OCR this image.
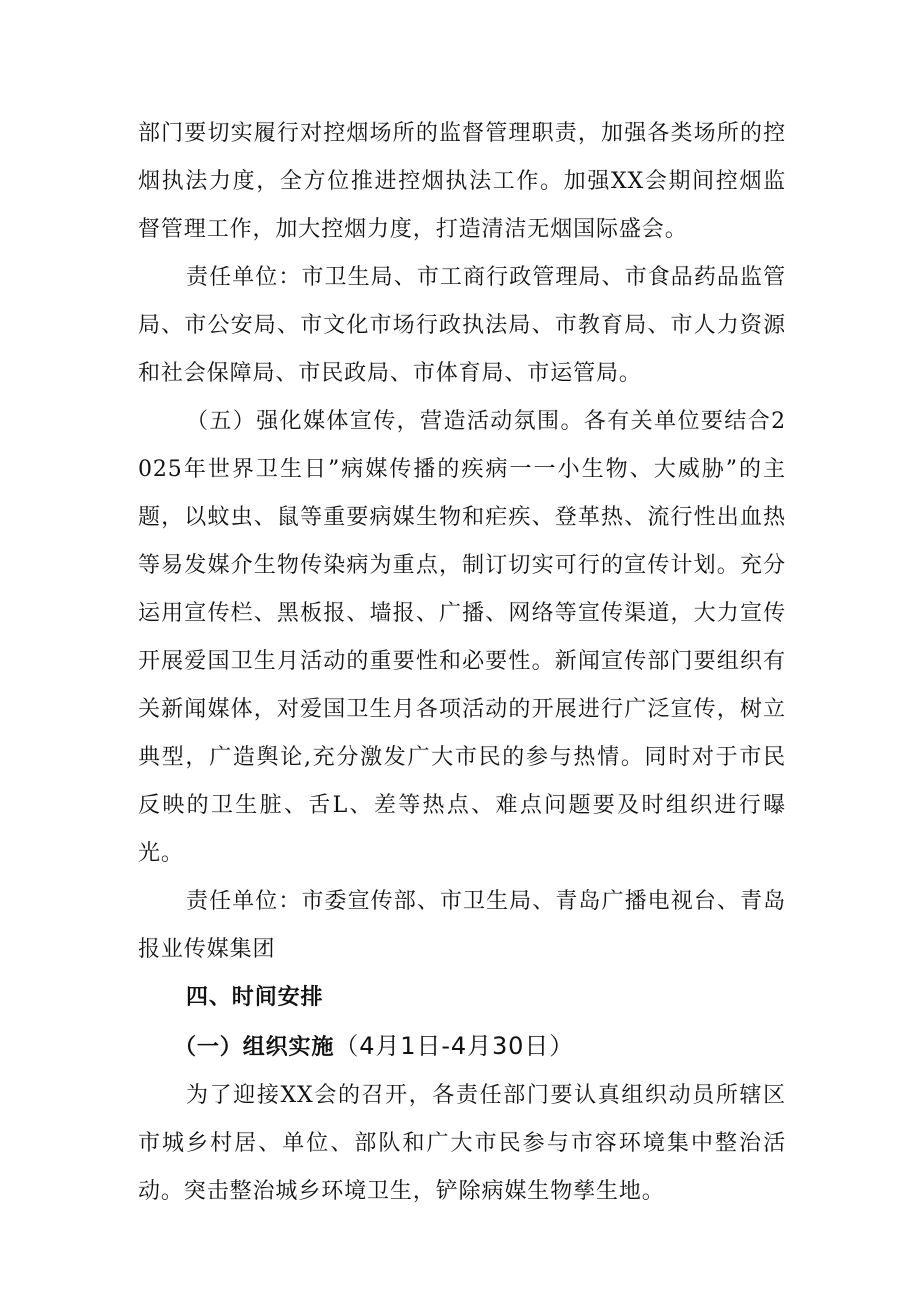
部门要切实履行对控烟场所的监督管理职责，加强各类场所的控烟执法力度，全方位推进控烟执法工作。加强XX会期间控烟监督管理工作，加大控烟力度，打造清洁无烟国际盛会。

责任单位：市卫生局、市工商行政管理局、市食品药品监管局、市公安局、市文化市场行政执法局、市教育局、市人力资源和社会保障局、市民政局、市体育局、市运管局。

（五）强化媒体宣传，营造活动氛围。各有关单位要结合2025年世界卫生日”病媒传播的疾病一一小生物、大威胁”的主题，以蚊虫、鼠等重要病媒生物和疟疾、登革热、流行性出血热等易发媒介生物传染病为重点，制订切实可行的宣传计划。充分运用宣传栏、黑板报、墙报、广播、网络等宣传渠道，大力宣传开展爱国卫生月活动的重要性和必要性。新闻宣传部门要组织有关新闻媒体，对爱国卫生月各项活动的开展进行广泛宣传，树立典型，广造舆论,充分激发广大市民的参与热情。同时对于市民反映的卫生脏、舌L、差等热点、难点问题要及时组织进行曝光。

责任单位：市委宣传部、市卫生局、青岛广播电视台、青岛报业传媒集团

四、时间安排

（一）组织实施（4月1日-4月30日）

为了迎接XX会的召开，各责任部门要认真组织动员所辖区市城乡村居、单位、部队和广大市民参与市容环境集中整治活动。突击整治城乡环境卫生，铲除病媒生物孳生地。
